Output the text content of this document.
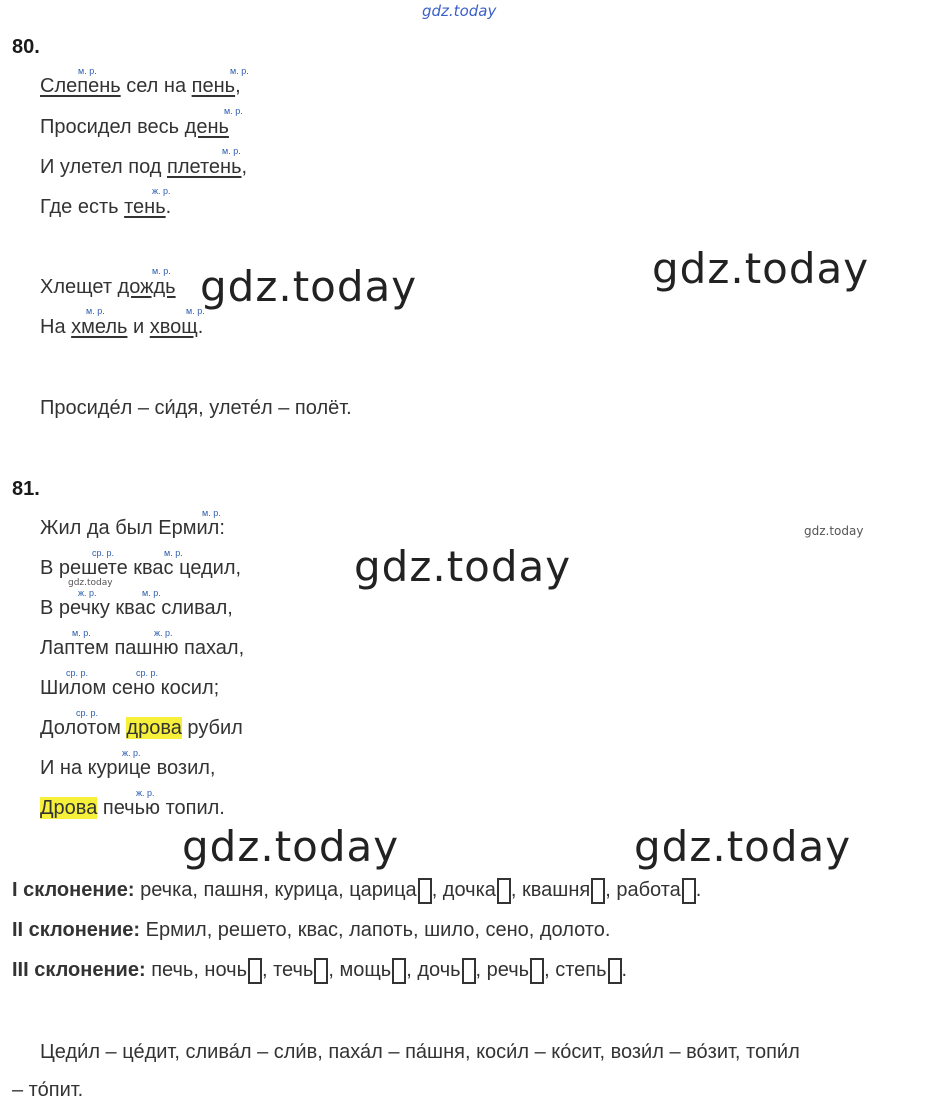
gdz.today
80.
м. р.	м. р.
Слепень сел на пень,
м. р.
Просидел весь день
м. р.
И улетел под плетень,
ж. р.
Где есть тень.
м. р.
Хлещет дождь
м. р.	м. р.
На хмель и хвощ.
Просиде́л – си́дя, улете́л – полёт.
gdz.today	gdz.today
81.
gdz.today
м. р.
Жил да был Ермил:
ср. р.	м. р.
В решете квас цедил,
gdz.today
ж. р.	м. р.
В речку квас сливал,
м. р.	ж. р.
Лаптем пашню пахал,
ср. р.	ср. р.
Шилом сено косил;
ср. р.
Долотом дрова рубил
ж. р.
И на курице возил,
ж. р.
Дрова печью топил.
gdz.today
gdz.today	gdz.today
I склонение: речка, пашня, курица, царица , дочка , квашня , работа .
II склонение: Ермил, решето, квас, лапоть, шило, сено, долото.
III склонение: печь, ночь , течь , мощь , дочь , речь , степь .
Цеди́л – це́дит, слива́л – сли́в, паха́л – па́шня, коси́л – ко́сит, вози́л – во́зит, топи́л
– то́пит.
